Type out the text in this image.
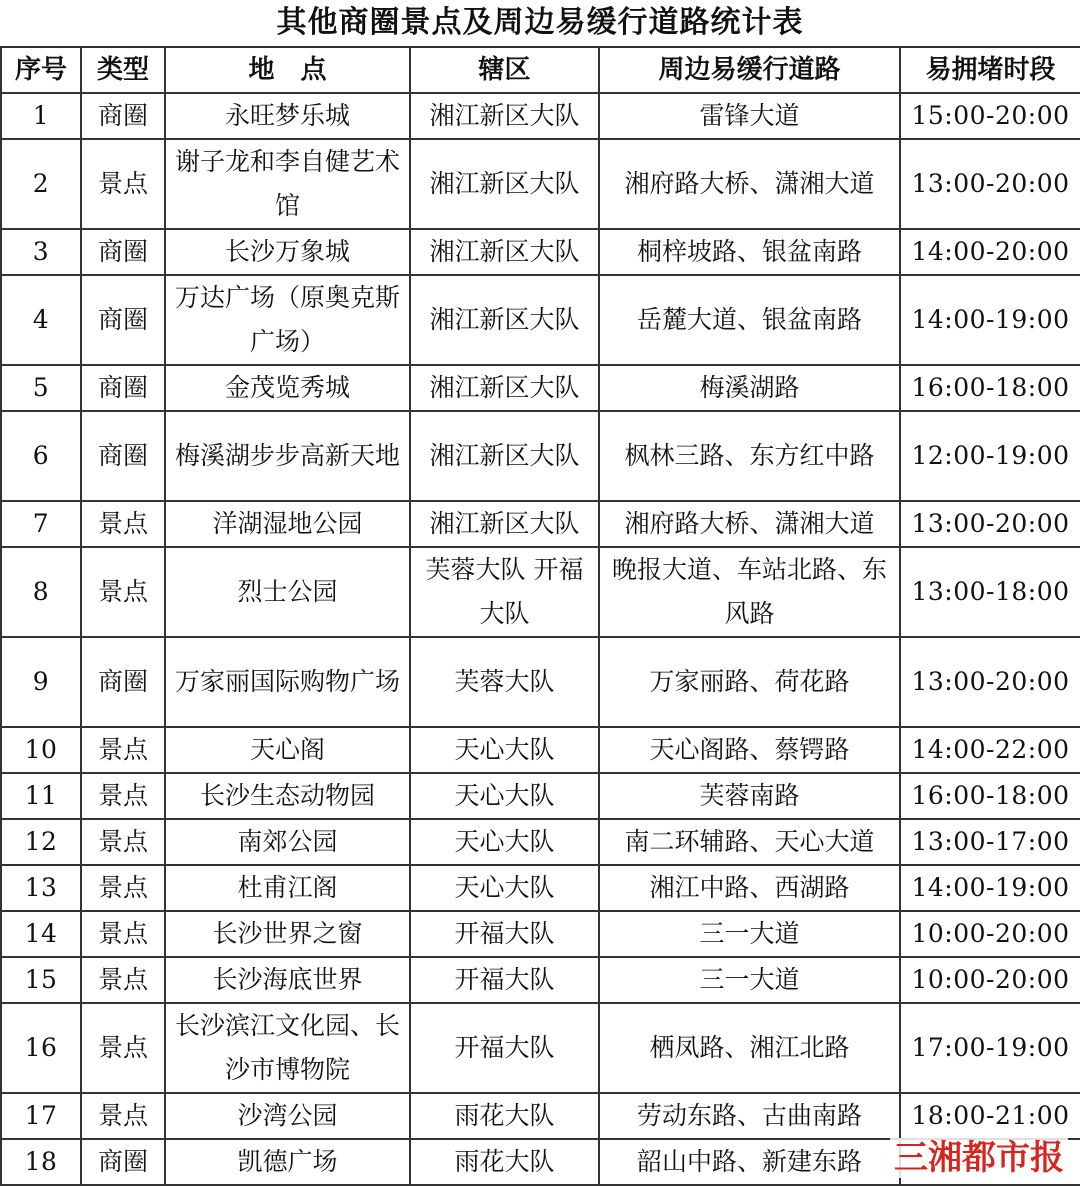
其他商圈景点及周边易缓行道路统计表
序号	类型	地　点	辖区	周边易缓行道路	易拥堵时段
1	商圈	永旺梦乐城	湘江新区大队	雷锋大道	15:00-20:00
2	景点	谢子龙和李自健艺术馆	湘江新区大队	湘府路大桥、潇湘大道	13:00-20:00
3	商圈	长沙万象城	湘江新区大队	桐梓坡路、银盆南路	14:00-20:00
4	商圈	万达广场（原奥克斯广场）	湘江新区大队	岳麓大道、银盆南路	14:00-19:00
5	商圈	金茂览秀城	湘江新区大队	梅溪湖路	16:00-18:00
6	商圈	梅溪湖步步高新天地	湘江新区大队	枫林三路、东方红中路	12:00-19:00
7	景点	洋湖湿地公园	湘江新区大队	湘府路大桥、潇湘大道	13:00-20:00
8	景点	烈士公园	芙蓉大队 开福大队	晚报大道、车站北路、东风路	13:00-18:00
9	商圈	万家丽国际购物广场	芙蓉大队	万家丽路、荷花路	13:00-20:00
10	景点	天心阁	天心大队	天心阁路、蔡锷路	14:00-22:00
11	景点	长沙生态动物园	天心大队	芙蓉南路	16:00-18:00
12	景点	南郊公园	天心大队	南二环辅路、天心大道	13:00-17:00
13	景点	杜甫江阁	天心大队	湘江中路、西湖路	14:00-19:00
14	景点	长沙世界之窗	开福大队	三一大道	10:00-20:00
15	景点	长沙海底世界	开福大队	三一大道	10:00-20:00
16	景点	长沙滨江文化园、长沙市博物院	开福大队	栖凤路、湘江北路	17:00-19:00
17	景点	沙湾公园	雨花大队	劳动东路、古曲南路	18:00-21:00
18	商圈	凯德广场	雨花大队	韶山中路、新建东路	三湘都市报
